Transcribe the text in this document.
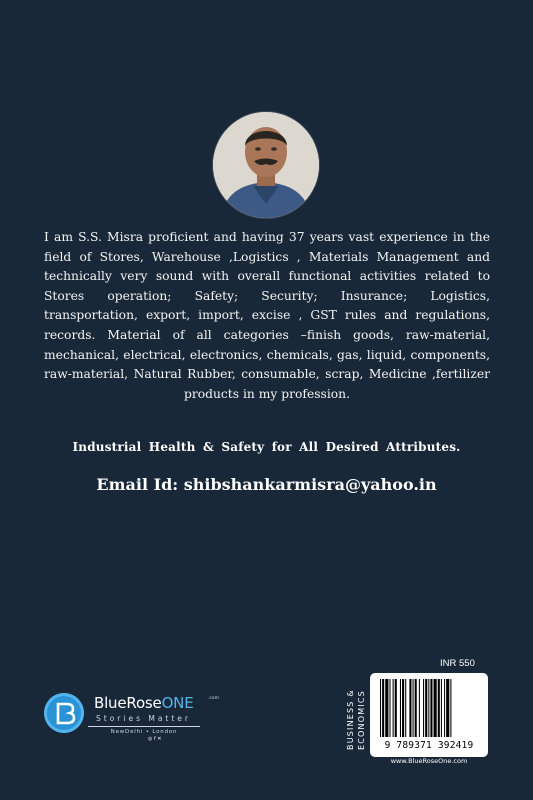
I am S.S. Misra proficient and having 37 years vast experience in the field of Stores, Warehouse ,Logistics , Materials Management and technically very sound with overall functional activities related to Stores operation; Safety; Security; Insurance; Logistics, transportation, export, import, excise , GST rules and regulations, records. Material of all categories –finish goods, raw-material, mechanical, electrical, electronics, chemicals, gas, liquid, components, raw-material, Natural Rubber, consumable, scrap, Medicine ,fertilizer products in my profession.
Industrial Health & Safety for All Desired Attributes.
Email Id: shibshankarmisra@yahoo.in
BlueRoseONE	.com
Stories Matter
NewDelhi • London
◎ f ✕
INR 550
BUSINESS & ECONOMICS	9 789371 392419
www.BlueRoseOne.com
